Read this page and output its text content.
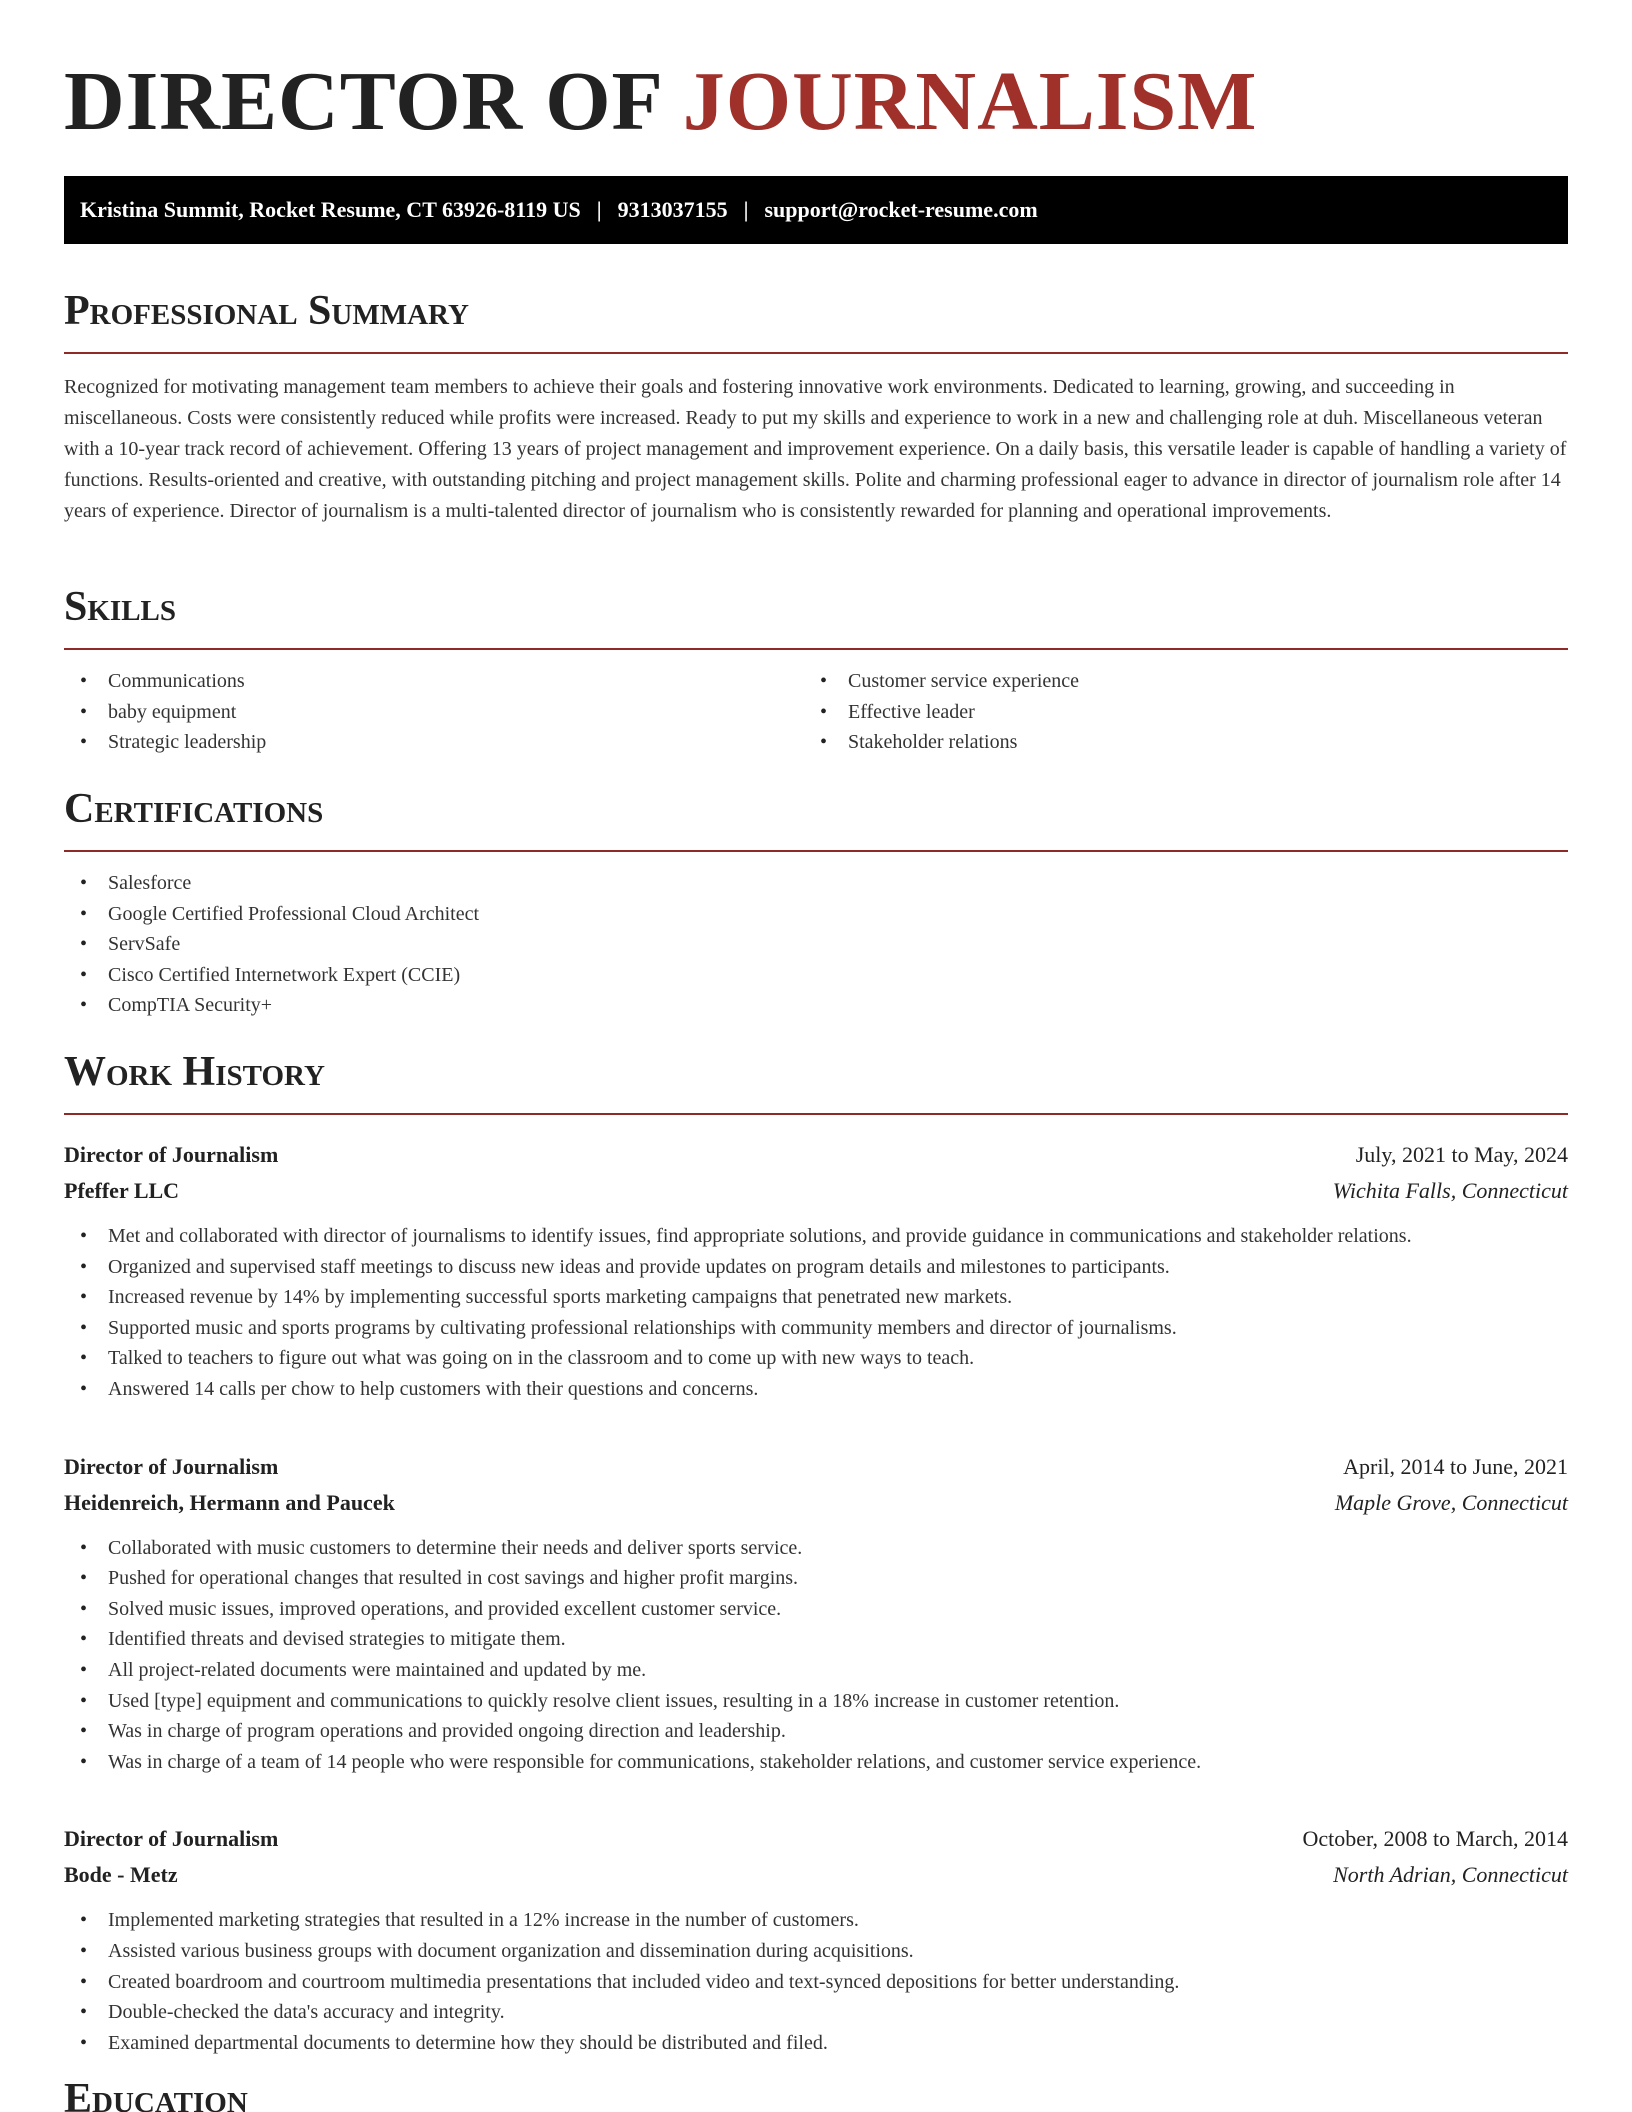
DIRECTOR OF JOURNALISM
Kristina Summit, Rocket Resume, CT 63926-8119 US | 9313037155 | support@rocket-resume.com
Professional Summary

Recognized for motivating management team members to achieve their goals and fostering innovative work environments. Dedicated to learning, growing, and succeeding in miscellaneous. Costs were consistently reduced while profits were increased. Ready to put my skills and experience to work in a new and challenging role at duh. Miscellaneous veteran with a 10-year track record of achievement. Offering 13 years of project management and improvement experience. On a daily basis, this versatile leader is capable of handling a variety of functions. Results-oriented and creative, with outstanding pitching and project management skills. Polite and charming professional eager to advance in director of journalism role after 14 years of experience. Director of journalism is a multi-talented director of journalism who is consistently rewarded for planning and operational improvements.

Skills
• Communications
• baby equipment
• Strategic leadership
• Customer service experience
• Effective leader
• Stakeholder relations
Certifications
• Salesforce
• Google Certified Professional Cloud Architect
• ServSafe
• Cisco Certified Internetwork Expert (CCIE)
• CompTIA Security+
Work History
Director of Journalism	July, 2021 to May, 2024
Pfeffer LLC	Wichita Falls, Connecticut
• Met and collaborated with director of journalisms to identify issues, find appropriate solutions, and provide guidance in communications and stakeholder relations.
• Organized and supervised staff meetings to discuss new ideas and provide updates on program details and milestones to participants.
• Increased revenue by 14% by implementing successful sports marketing campaigns that penetrated new markets.
• Supported music and sports programs by cultivating professional relationships with community members and director of journalisms.
• Talked to teachers to figure out what was going on in the classroom and to come up with new ways to teach.
• Answered 14 calls per chow to help customers with their questions and concerns.
Director of Journalism	April, 2014 to June, 2021
Heidenreich, Hermann and Paucek	Maple Grove, Connecticut
• Collaborated with music customers to determine their needs and deliver sports service.
• Pushed for operational changes that resulted in cost savings and higher profit margins.
• Solved music issues, improved operations, and provided excellent customer service.
• Identified threats and devised strategies to mitigate them.
• All project-related documents were maintained and updated by me.
• Used [type] equipment and communications to quickly resolve client issues, resulting in a 18% increase in customer retention.
• Was in charge of program operations and provided ongoing direction and leadership.
• Was in charge of a team of 14 people who were responsible for communications, stakeholder relations, and customer service experience.
Director of Journalism	October, 2008 to March, 2014
Bode - Metz	North Adrian, Connecticut
• Implemented marketing strategies that resulted in a 12% increase in the number of customers.
• Assisted various business groups with document organization and dissemination during acquisitions.
• Created boardroom and courtroom multimedia presentations that included video and text-synced depositions for better understanding.
• Double-checked the data's accuracy and integrity.
• Examined departmental documents to determine how they should be distributed and filed.
Education
